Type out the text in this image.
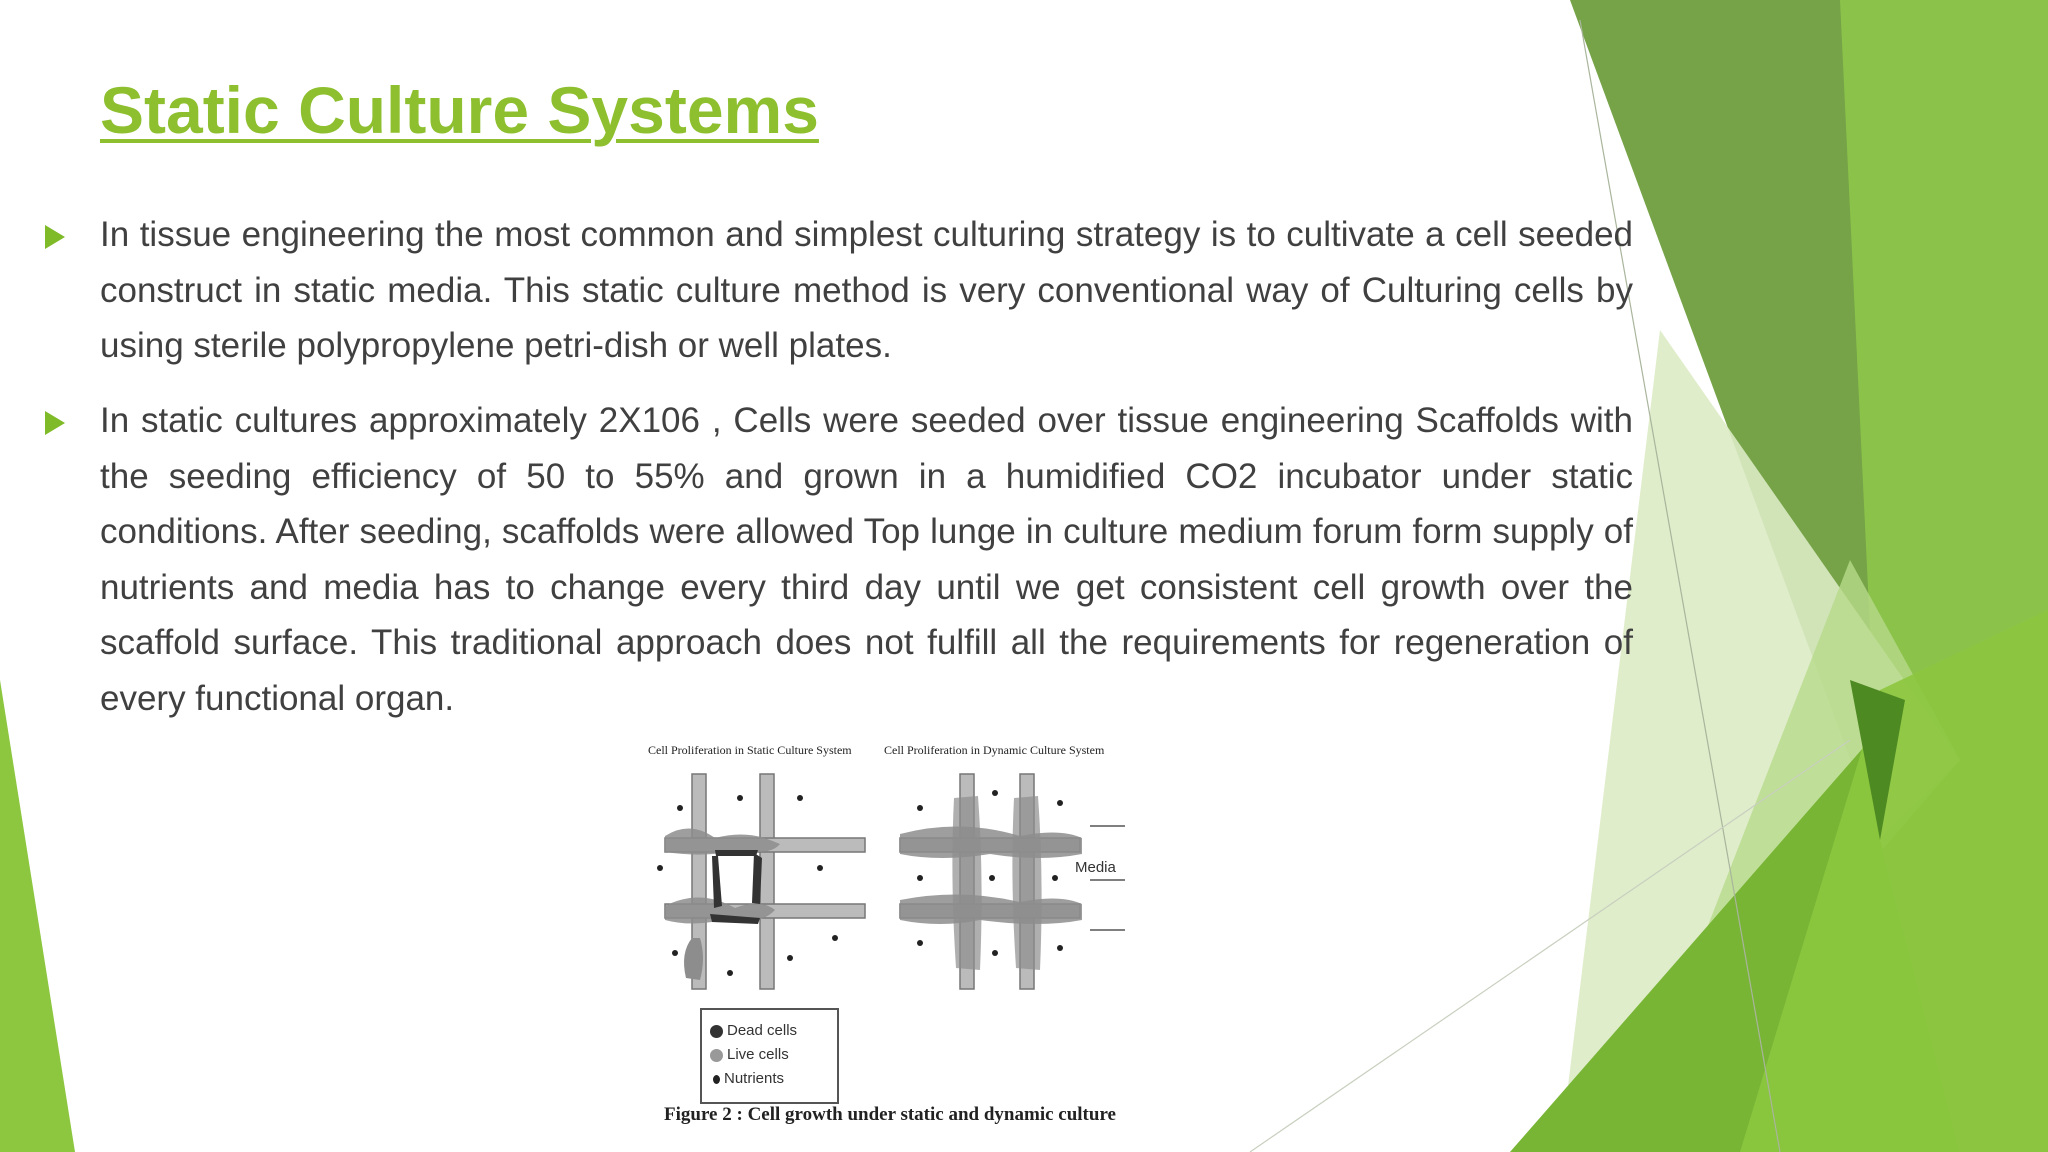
Static Culture Systems

In tissue engineering the most common and simplest culturing strategy is to cultivate a cell seeded construct in static media. This static culture method is very conventional way of Culturing cells by using sterile polypropylene petri-dish or well plates.

In static cultures approximately 2X106 , Cells were seeded over tissue engineering Scaffolds with the seeding efficiency of 50 to 55% and grown in a humidified CO2 incubator under static conditions. After seeding, scaffolds were allowed Top lunge in culture medium forum form supply of nutrients and media has to change every third day until we get consistent cell growth over the scaffold surface. This traditional approach does not fulfill all the requirements for regeneration of every functional organ.

Cell Proliferation in Static Culture System	Cell Proliferation in Dynamic Culture System
Media
Dead cells
Live cells
Nutrients
Figure 2 : Cell growth under static and dynamic culture
